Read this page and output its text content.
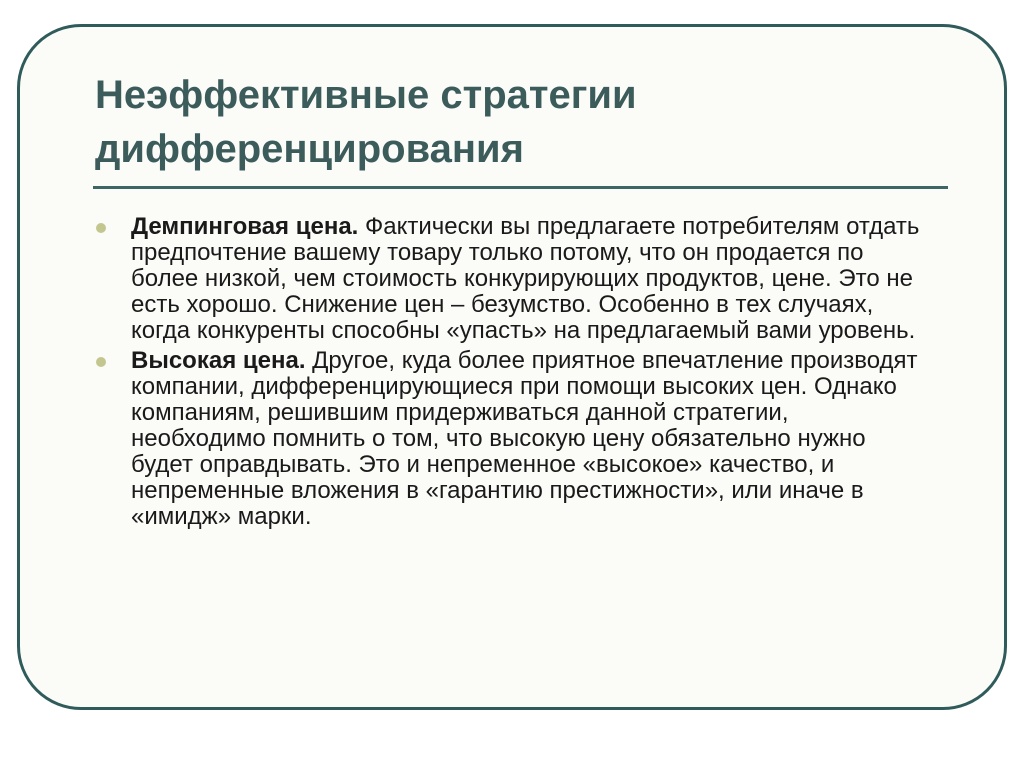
Неэффективные стратегии дифференцирования
Демпинговая цена. Фактически вы предлагаете потребителям отдать предпочтение вашему товару только потому, что он продается по более низкой, чем стоимость конкурирующих продуктов, цене. Это не есть хорошо. Снижение цен – безумство. Особенно в тех случаях, когда конкуренты способны «упасть» на предлагаемый вами уровень.
Высокая цена. Другое, куда более приятное впечатление производят компании, дифференцирующиеся при помощи высоких цен. Однако компаниям, решившим придерживаться данной стратегии, необходимо помнить о том, что высокую цену обязательно нужно будет оправдывать. Это и непременное «высокое» качество, и непременные вложения в «гарантию престижности», или иначе в «имидж» марки.
